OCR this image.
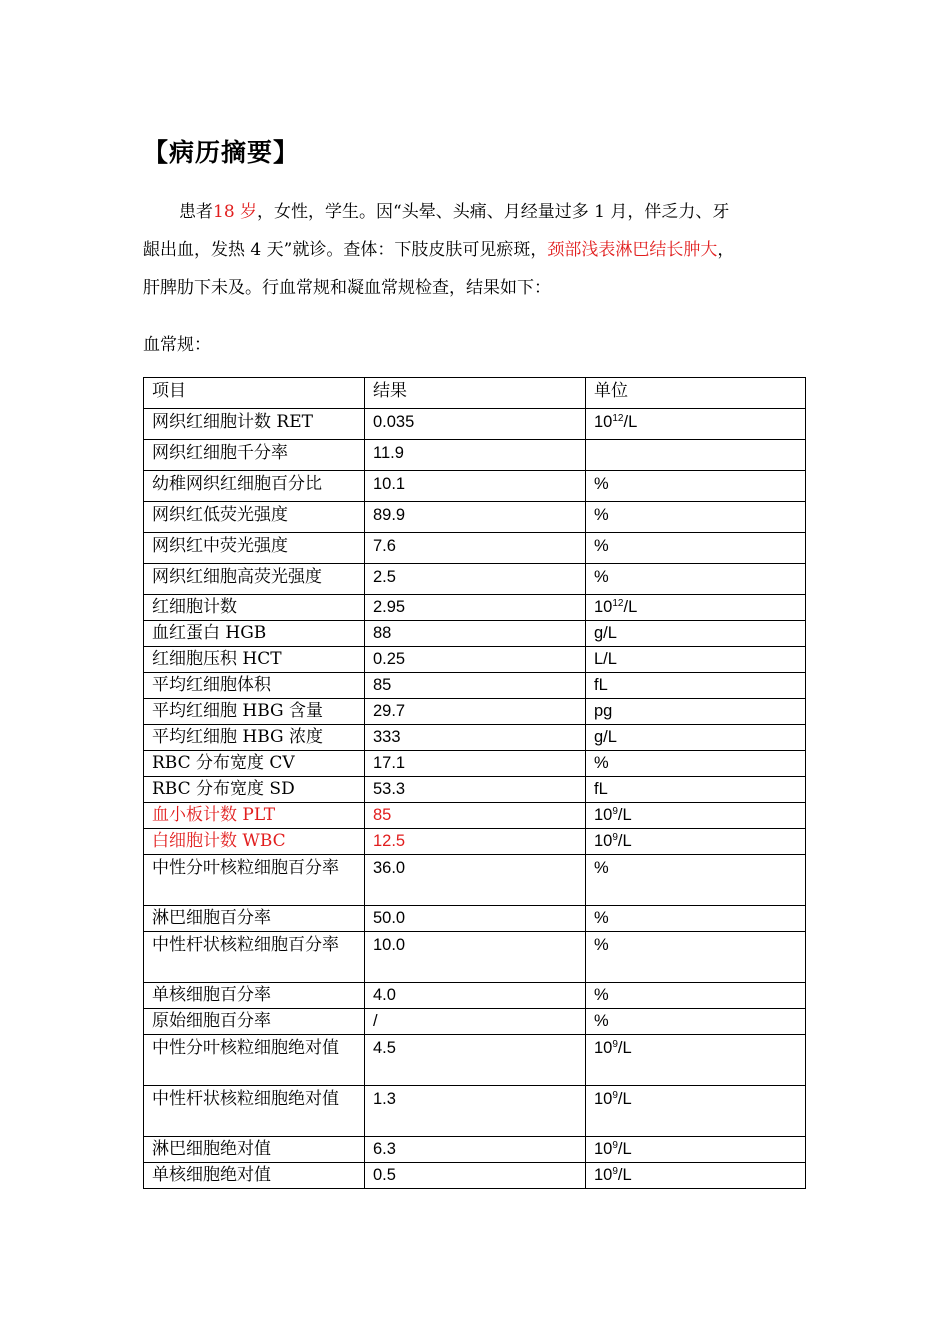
【病历摘要】
患者18 岁，女性，学生。因“头晕、头痛、月经量过多 1 月，伴乏力、牙
龈出血，发热 4 天”就诊。查体：下肢皮肤可见瘀斑，颈部浅表淋巴结长肿大，
肝脾肋下未及。行血常规和凝血常规检查，结果如下：
血常规：
项目	结果	单位
网织红细胞计数 RET	0.035	$10^{12}/L$
网织红细胞千分率	11.9	
幼稚网织红细胞百分比	10.1	%
网织红低荧光强度	89.9	%
网织红中荧光强度	7.6	%
网织红细胞高荧光强度	2.5	%
红细胞计数	2.95	$10^{12}/L$
血红蛋白 HGB	88	g/L
红细胞压积 HCT	0.25	L/L
平均红细胞体积	85	fL
平均红细胞 HBG 含量	29.7	pg
平均红细胞 HBG 浓度	333	g/L
RBC 分布宽度 CV	17.1	%
RBC 分布宽度 SD	53.3	fL
血小板计数 PLT	85	$10^9/L$
白细胞计数 WBC	12.5	$10^9/L$
中性分叶核粒细胞百分率	36.0	%
淋巴细胞百分率	50.0	%
中性杆状核粒细胞百分率	10.0	%
单核细胞百分率	4.0	%
原始细胞百分率	/	%
中性分叶核粒细胞绝对值	4.5	$10^9/L$
中性杆状核粒细胞绝对值	1.3	$10^9/L$
淋巴细胞绝对值	6.3	$10^9/L$
单核细胞绝对值	0.5	$10^9/L$
